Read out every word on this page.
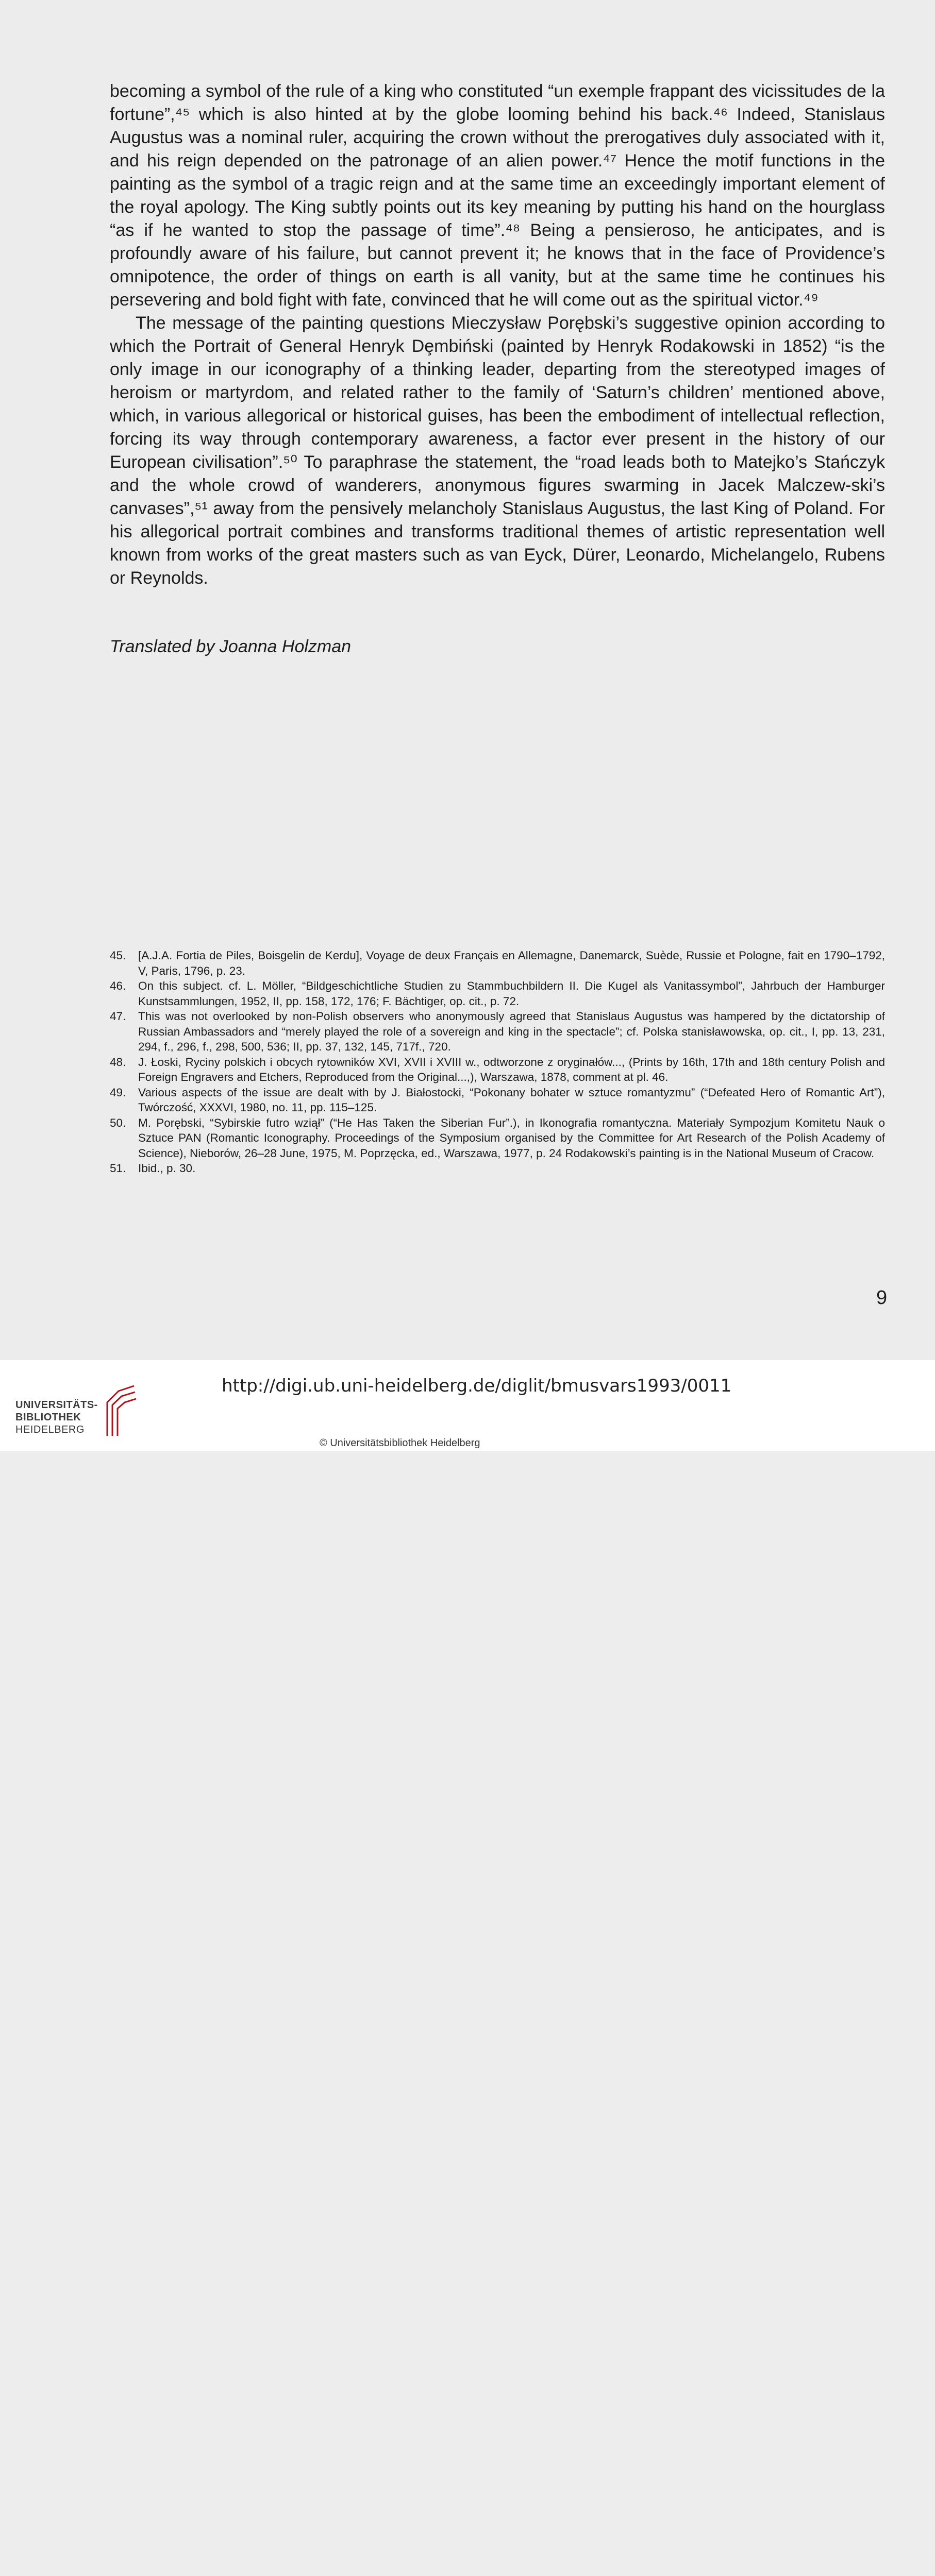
becoming a symbol of the rule of a king who constituted “un exemple frappant des vicissitudes de la fortune”,⁴⁵ which is also hinted at by the globe looming behind his back.⁴⁶ Indeed, Stanislaus Augustus was a nominal ruler, acquiring the crown without the prerogatives duly associated with it, and his reign depended on the patronage of an alien power.⁴⁷ Hence the motif functions in the painting as the symbol of a tragic reign and at the same time an exceedingly important element of the royal apology. The King subtly points out its key meaning by putting his hand on the hourglass “as if he wanted to stop the passage of time”.⁴⁸ Being a pensieroso, he anticipates, and is profoundly aware of his failure, but cannot prevent it; he knows that in the face of Providence’s omnipotence, the order of things on earth is all vanity, but at the same time he continues his persevering and bold fight with fate, convinced that he will come out as the spiritual victor.⁴⁹

The message of the painting questions Mieczysław Porębski’s suggestive opinion according to which the Portrait of General Henryk Dȩmbiński (painted by Henryk Rodakowski in 1852) “is the only image in our iconography of a thinking leader, departing from the stereotyped images of heroism or martyrdom, and related rather to the family of ‘Saturn’s children’ mentioned above, which, in various allegorical or historical guises, has been the embodiment of intellectual reflection, forcing its way through contemporary awareness, a factor ever present in the history of our European civilisation”.⁵⁰ To paraphrase the statement, the “road leads both to Matejko’s Stańczyk and the whole crowd of wanderers, anonymous figures swarming in Jacek Malczew-ski’s canvases”,⁵¹ away from the pensively melancholy Stanislaus Augustus, the last King of Poland. For his allegorical portrait combines and transforms traditional themes of artistic representation well known from works of the great masters such as van Eyck, Dürer, Leonardo, Michelangelo, Rubens or Reynolds.

Translated by Joanna Holzman
45. [A.J.A. Fortia de Piles, Boisgelin de Kerdu], Voyage de deux Français en Allemagne, Danemarck, Suède, Russie et Pologne, fait en 1790–1792, V, Paris, 1796, p. 23.
46. On this subject. cf. L. Möller, “Bildgeschichtliche Studien zu Stammbuchbildern II. Die Kugel als Vanitassymbol”, Jahrbuch der Hamburger Kunstsammlungen, 1952, II, pp. 158, 172, 176; F. Bächtiger, op. cit., p. 72.
47. This was not overlooked by non-Polish observers who anonymously agreed that Stanislaus Augustus was hampered by the dictatorship of Russian Ambassadors and “merely played the role of a sovereign and king in the spectacle”; cf. Polska stanisławowska, op. cit., I, pp. 13, 231, 294, f., 296, f., 298, 500, 536; II, pp. 37, 132, 145, 717f., 720.
48. J. Łoski, Ryciny polskich i obcych rytowników XVI, XVII i XVIII w., odtworzone z oryginałów..., (Prints by 16th, 17th and 18th century Polish and Foreign Engravers and Etchers, Reproduced from the Original...,), Warszawa, 1878, comment at pl. 46.
49. Various aspects of the issue are dealt with by J. Białostocki, “Pokonany bohater w sztuce romantyzmu” (“Defeated Hero of Romantic Art”), Twórczość, XXXVI, 1980, no. 11, pp. 115–125.
50. M. Porębski, “Sybirskie futro wziął” (“He Has Taken the Siberian Fur”.), in Ikonografia romantyczna. Materiały Sympozjum Komitetu Nauk o Sztuce PAN (Romantic Iconography. Proceedings of the Symposium organised by the Committee for Art Research of the Polish Academy of Science), Nieborów, 26–28 June, 1975, M. Poprzęcka, ed., Warszawa, 1977, p. 24 Rodakowski’s painting is in the National Museum of Cracow.
51. Ibid., p. 30.
9
UNIVERSITÄTS-
BIBLIOTHEK
HEIDELBERG
http://digi.ub.uni-heidelberg.de/diglit/bmusvars1993/0011
© Universitätsbibliothek Heidelberg
